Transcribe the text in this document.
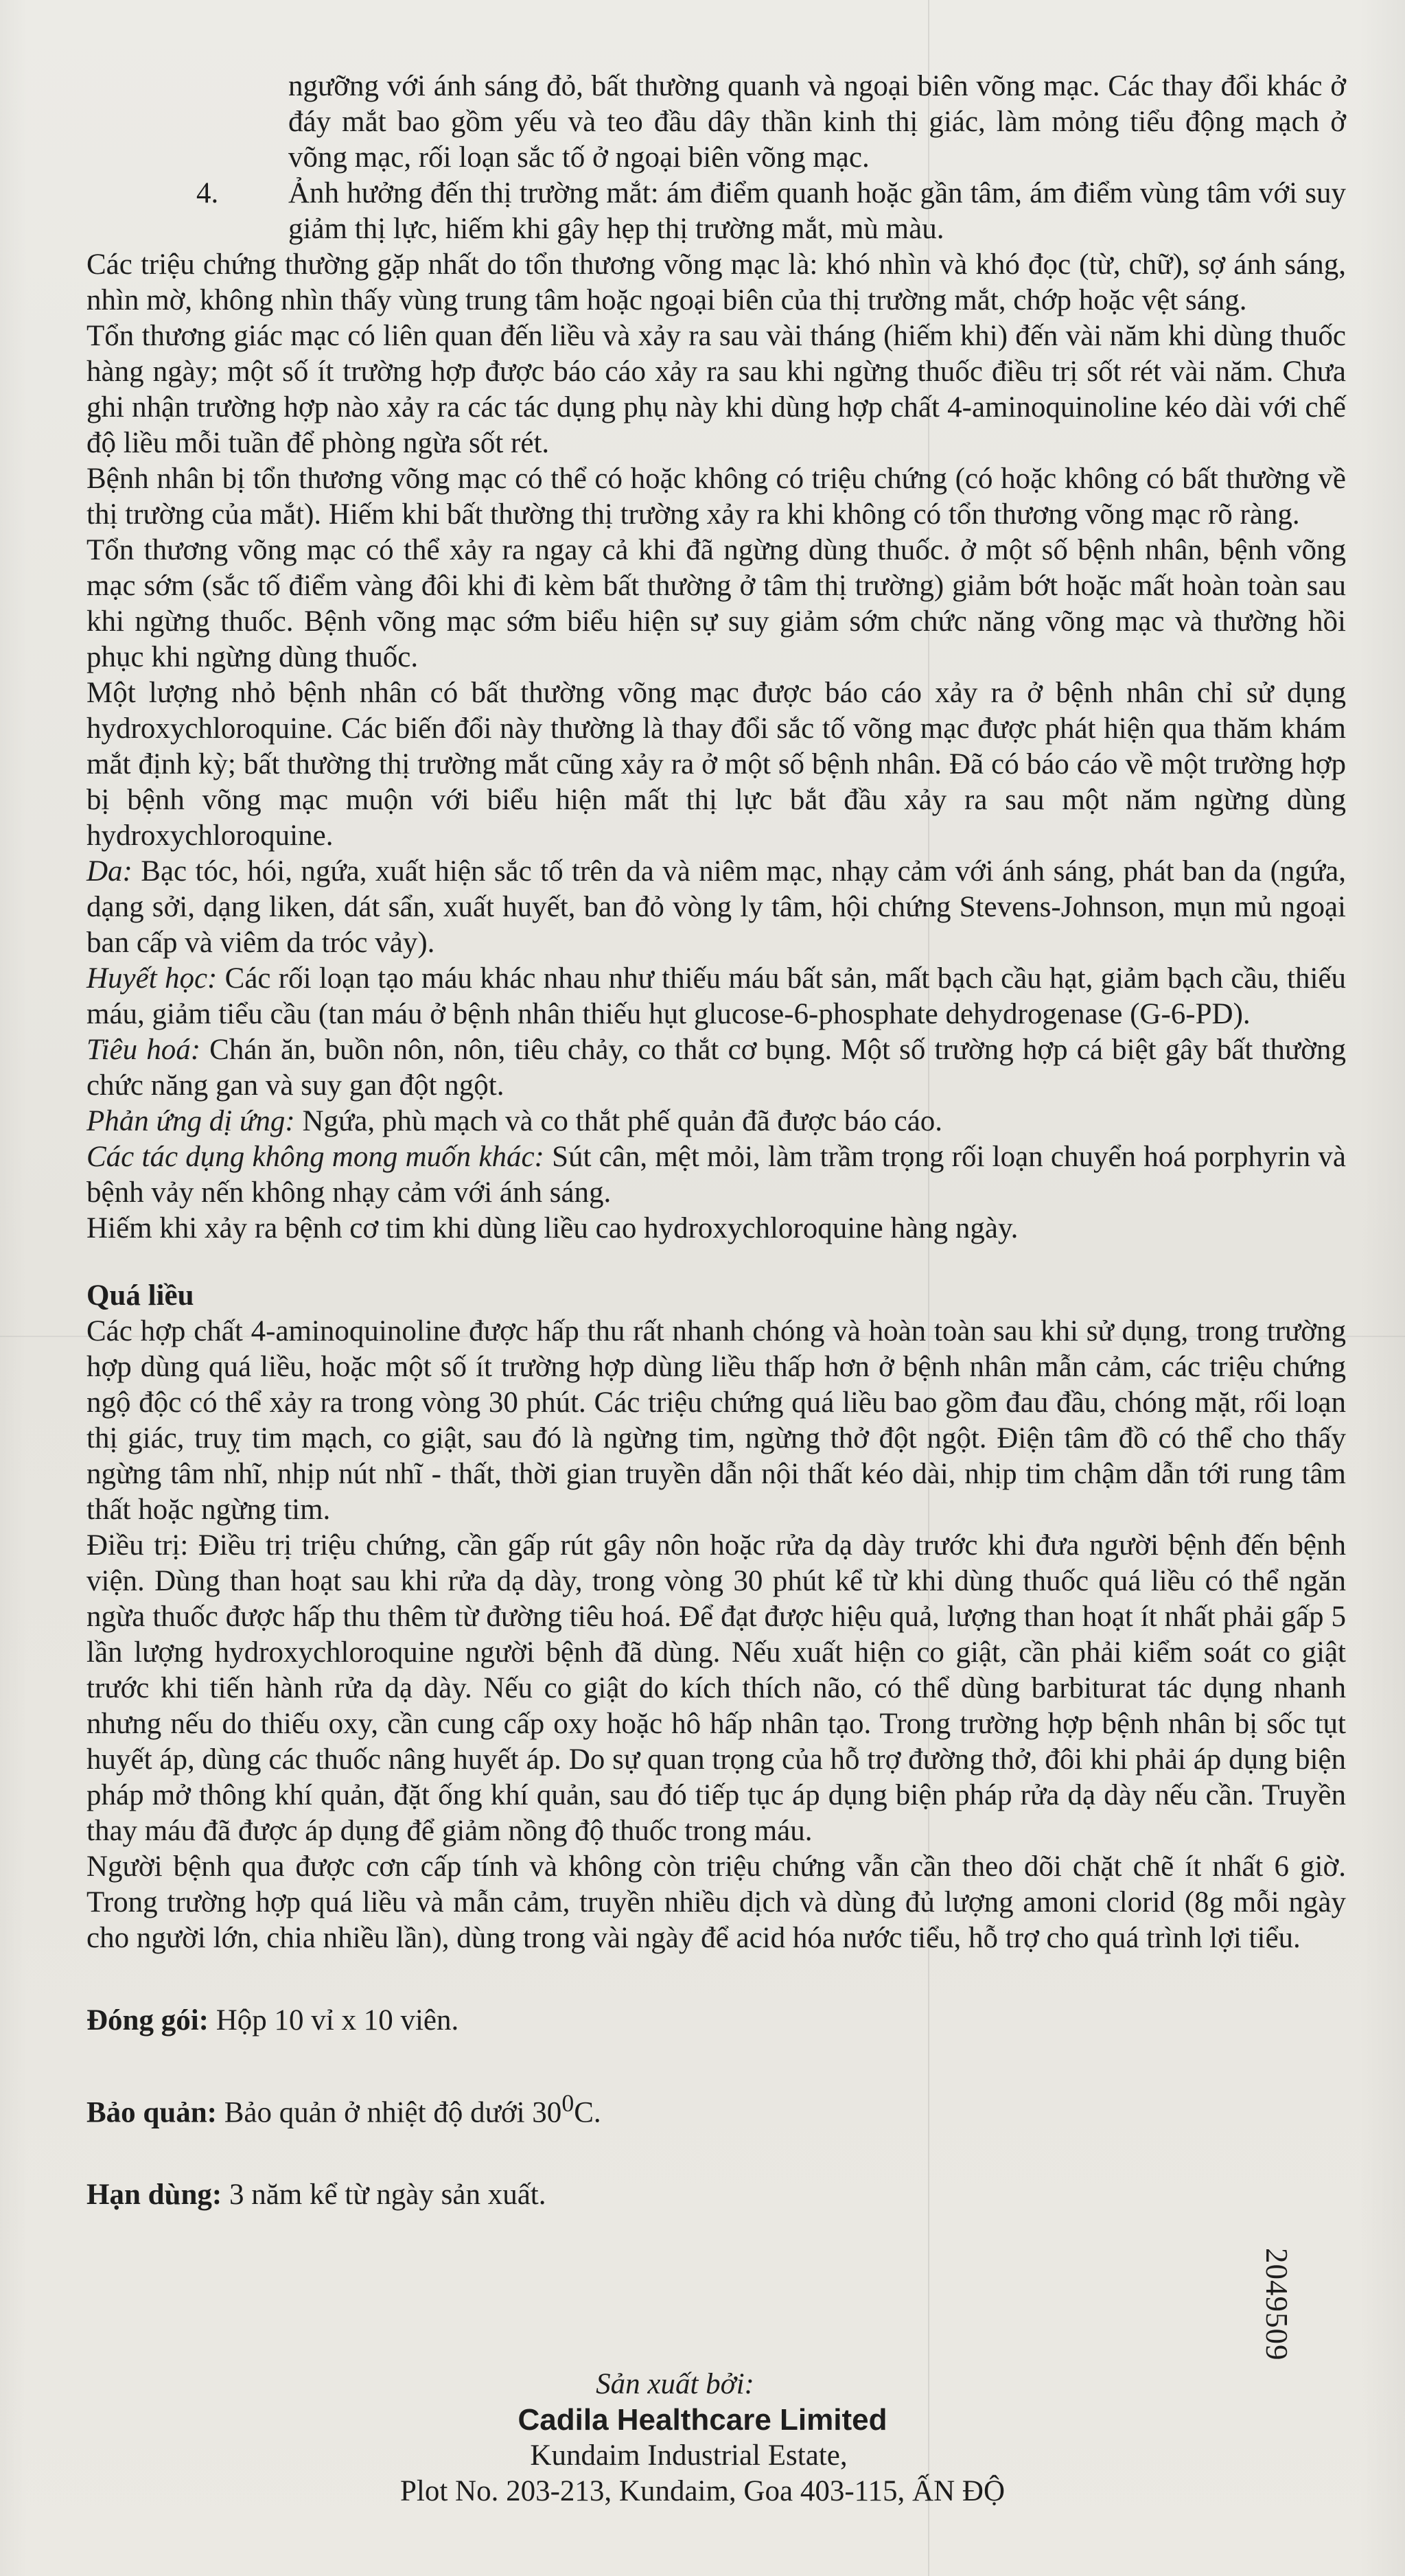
ngưỡng với ánh sáng đỏ, bất thường quanh và ngoại biên võng mạc. Các thay đổi khác ở đáy mắt bao gồm yếu và teo đầu dây thần kinh thị giác, làm mỏng tiểu động mạch ở võng mạc, rối loạn sắc tố ở ngoại biên võng mạc.

4.	Ảnh hưởng đến thị trường mắt: ám điểm quanh hoặc gần tâm, ám điểm vùng tâm với suy giảm thị lực, hiếm khi gây hẹp thị trường mắt, mù màu.

Các triệu chứng thường gặp nhất do tổn thương võng mạc là: khó nhìn và khó đọc (từ, chữ), sợ ánh sáng, nhìn mờ, không nhìn thấy vùng trung tâm hoặc ngoại biên của thị trường mắt, chớp hoặc vệt sáng.

Tổn thương giác mạc có liên quan đến liều và xảy ra sau vài tháng (hiếm khi) đến vài năm khi dùng thuốc hàng ngày; một số ít trường hợp được báo cáo xảy ra sau khi ngừng thuốc điều trị sốt rét vài năm. Chưa ghi nhận trường hợp nào xảy ra các tác dụng phụ này khi dùng hợp chất 4-aminoquinoline kéo dài với chế độ liều mỗi tuần để phòng ngừa sốt rét.

Bệnh nhân bị tổn thương võng mạc có thể có hoặc không có triệu chứng (có hoặc không có bất thường về thị trường của mắt). Hiếm khi bất thường thị trường xảy ra khi không có tổn thương võng mạc rõ ràng.

Tổn thương võng mạc có thể xảy ra ngay cả khi đã ngừng dùng thuốc. ở một số bệnh nhân, bệnh võng mạc sớm (sắc tố điểm vàng đôi khi đi kèm bất thường ở tâm thị trường) giảm bớt hoặc mất hoàn toàn sau khi ngừng thuốc. Bệnh võng mạc sớm biểu hiện sự suy giảm sớm chức năng võng mạc và thường hồi phục khi ngừng dùng thuốc.

Một lượng nhỏ bệnh nhân có bất thường võng mạc được báo cáo xảy ra ở bệnh nhân chỉ sử dụng hydroxychloroquine. Các biến đổi này thường là thay đổi sắc tố võng mạc được phát hiện qua thăm khám mắt định kỳ; bất thường thị trường mắt cũng xảy ra ở một số bệnh nhân. Đã có báo cáo về một trường hợp bị bệnh võng mạc muộn với biểu hiện mất thị lực bắt đầu xảy ra sau một năm ngừng dùng hydroxychloroquine.

Da: Bạc tóc, hói, ngứa, xuất hiện sắc tố trên da và niêm mạc, nhạy cảm với ánh sáng, phát ban da (ngứa, dạng sởi, dạng liken, dát sẩn, xuất huyết, ban đỏ vòng ly tâm, hội chứng Stevens-Johnson, mụn mủ ngoại ban cấp và viêm da tróc vảy).

Huyết học: Các rối loạn tạo máu khác nhau như thiếu máu bất sản, mất bạch cầu hạt, giảm bạch cầu, thiếu máu, giảm tiểu cầu (tan máu ở bệnh nhân thiếu hụt glucose-6-phosphate dehydrogenase (G-6-PD).

Tiêu hoá: Chán ăn, buồn nôn, nôn, tiêu chảy, co thắt cơ bụng. Một số trường hợp cá biệt gây bất thường chức năng gan và suy gan đột ngột.

Phản ứng dị ứng: Ngứa, phù mạch và co thắt phế quản đã được báo cáo.

Các tác dụng không mong muốn khác: Sút cân, mệt mỏi, làm trầm trọng rối loạn chuyển hoá porphyrin và bệnh vảy nến không nhạy cảm với ánh sáng.

Hiếm khi xảy ra bệnh cơ tim khi dùng liều cao hydroxychloroquine hàng ngày.

Quá liều

Các hợp chất 4-aminoquinoline được hấp thu rất nhanh chóng và hoàn toàn sau khi sử dụng, trong trường hợp dùng quá liều, hoặc một số ít trường hợp dùng liều thấp hơn ở bệnh nhân mẫn cảm, các triệu chứng ngộ độc có thể xảy ra trong vòng 30 phút. Các triệu chứng quá liều bao gồm đau đầu, chóng mặt, rối loạn thị giác, truỵ tim mạch, co giật, sau đó là ngừng tim, ngừng thở đột ngột. Điện tâm đồ có thể cho thấy ngừng tâm nhĩ, nhịp nút nhĩ - thất, thời gian truyền dẫn nội thất kéo dài, nhịp tim chậm dẫn tới rung tâm thất hoặc ngừng tim.

Điều trị: Điều trị triệu chứng, cần gấp rút gây nôn hoặc rửa dạ dày trước khi đưa người bệnh đến bệnh viện. Dùng than hoạt sau khi rửa dạ dày, trong vòng 30 phút kể từ khi dùng thuốc quá liều có thể ngăn ngừa thuốc được hấp thu thêm từ đường tiêu hoá. Để đạt được hiệu quả, lượng than hoạt ít nhất phải gấp 5 lần lượng hydroxychloroquine người bệnh đã dùng. Nếu xuất hiện co giật, cần phải kiểm soát co giật trước khi tiến hành rửa dạ dày. Nếu co giật do kích thích não, có thể dùng barbiturat tác dụng nhanh nhưng nếu do thiếu oxy, cần cung cấp oxy hoặc hô hấp nhân tạo. Trong trường hợp bệnh nhân bị sốc tụt huyết áp, dùng các thuốc nâng huyết áp. Do sự quan trọng của hỗ trợ đường thở, đôi khi phải áp dụng biện pháp mở thông khí quản, đặt ống khí quản, sau đó tiếp tục áp dụng biện pháp rửa dạ dày nếu cần. Truyền thay máu đã được áp dụng để giảm nồng độ thuốc trong máu.

Người bệnh qua được cơn cấp tính và không còn triệu chứng vẫn cần theo dõi chặt chẽ ít nhất 6 giờ. Trong trường hợp quá liều và mẫn cảm, truyền nhiều dịch và dùng đủ lượng amoni clorid (8g mỗi ngày cho người lớn, chia nhiều lần), dùng trong vài ngày để acid hóa nước tiểu, hỗ trợ cho quá trình lợi tiểu.

Đóng gói: Hộp 10 vỉ x 10 viên.

Bảo quản: Bảo quản ở nhiệt độ dưới $30^0C$.

Hạn dùng: 3 năm kể từ ngày sản xuất.

Sản xuất bởi:
Cadila Healthcare Limited
Kundaim Industrial Estate,
Plot No. 203-213, Kundaim, Goa 403-115, ẤN ĐỘ
2049509
